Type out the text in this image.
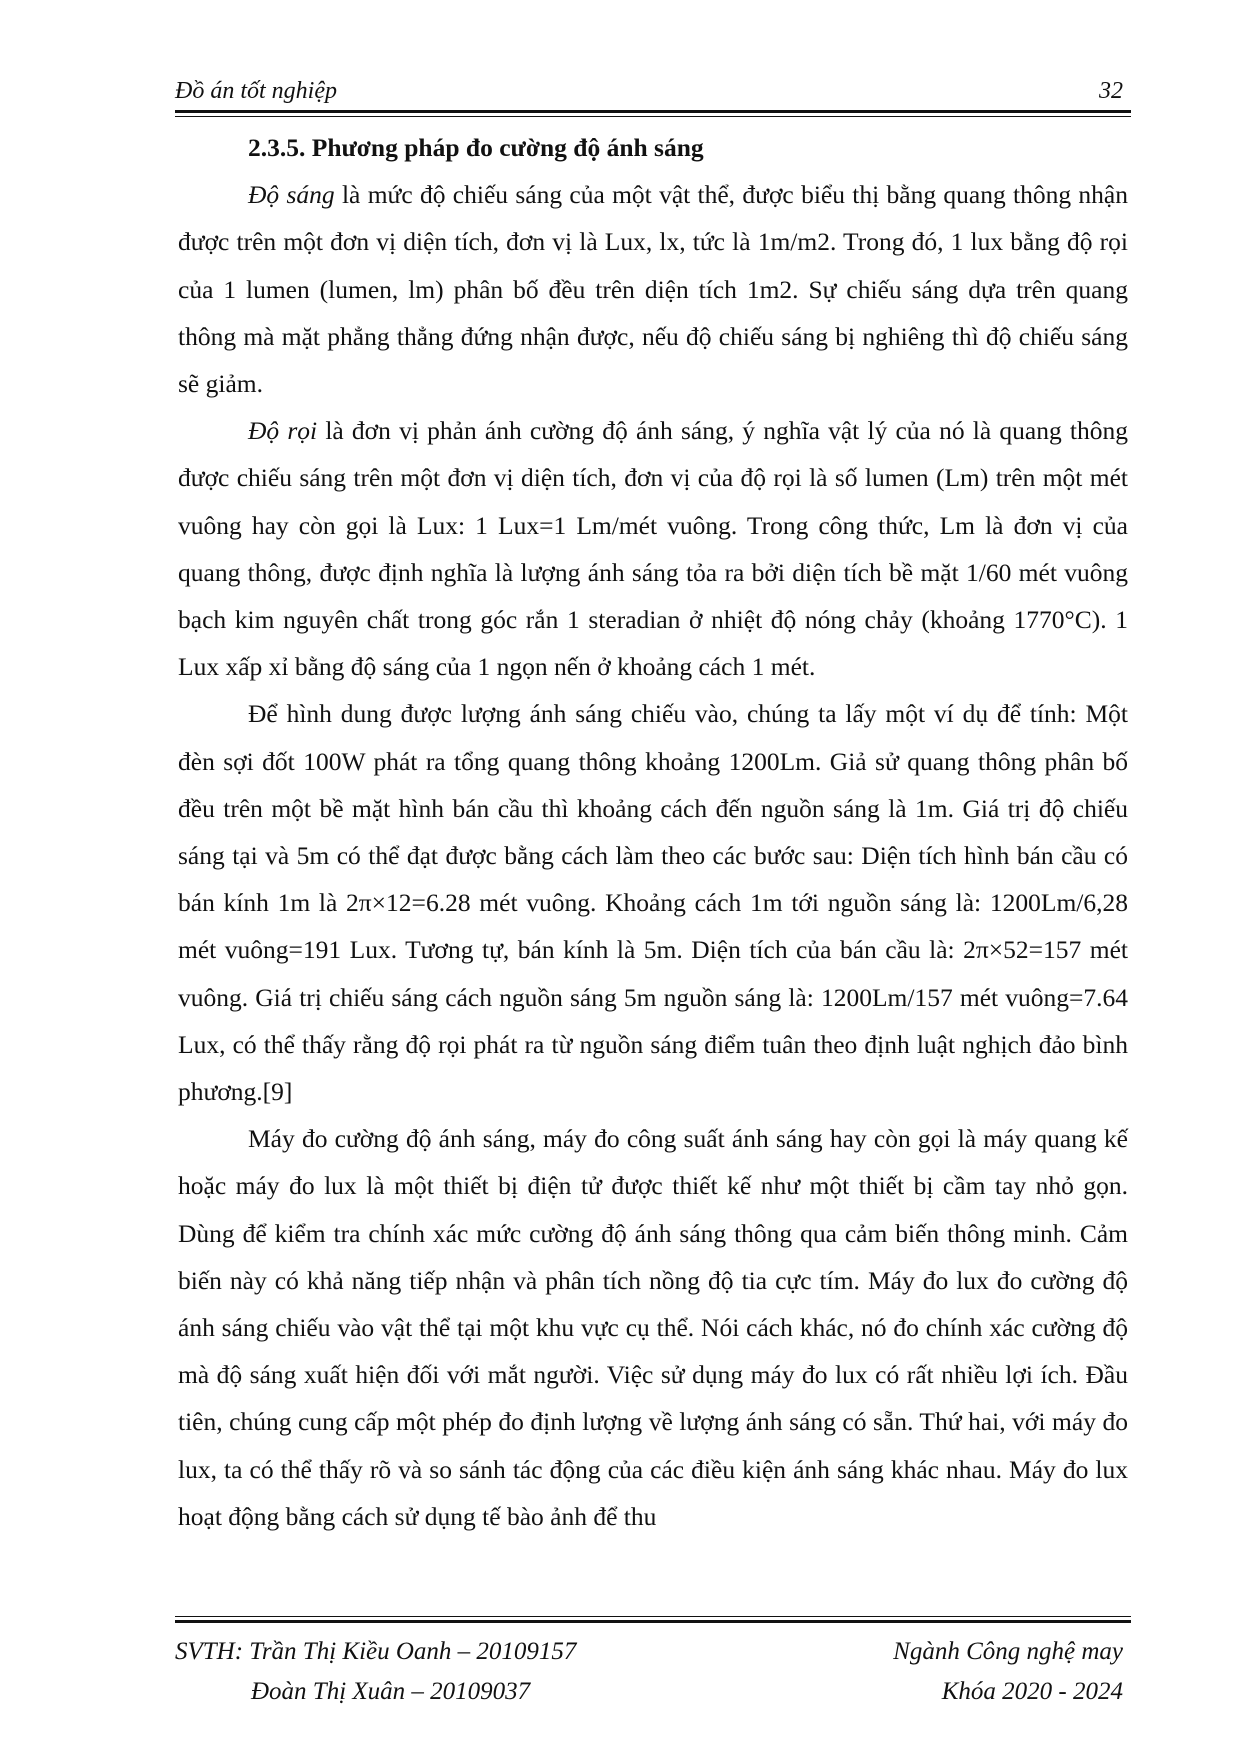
Đồ án tốt nghiệp	32
2.3.5. Phương pháp đo cường độ ánh sáng

Độ sáng là mức độ chiếu sáng của một vật thể, được biểu thị bằng quang thông nhận được trên một đơn vị diện tích, đơn vị là Lux, lx, tức là 1m/m2. Trong đó, 1 lux bằng độ rọi của 1 lumen (lumen, lm) phân bố đều trên diện tích 1m2. Sự chiếu sáng dựa trên quang thông mà mặt phẳng thẳng đứng nhận được, nếu độ chiếu sáng bị nghiêng thì độ chiếu sáng sẽ giảm.

Độ rọi là đơn vị phản ánh cường độ ánh sáng, ý nghĩa vật lý của nó là quang thông được chiếu sáng trên một đơn vị diện tích, đơn vị của độ rọi là số lumen (Lm) trên một mét vuông hay còn gọi là Lux: 1 Lux=1 Lm/mét vuông. Trong công thức, Lm là đơn vị của quang thông, được định nghĩa là lượng ánh sáng tỏa ra bởi diện tích bề mặt 1/60 mét vuông bạch kim nguyên chất trong góc rắn 1 steradian ở nhiệt độ nóng chảy (khoảng 1770°C). 1 Lux xấp xỉ bằng độ sáng của 1 ngọn nến ở khoảng cách 1 mét.

Để hình dung được lượng ánh sáng chiếu vào, chúng ta lấy một ví dụ để tính: Một đèn sợi đốt 100W phát ra tổng quang thông khoảng 1200Lm. Giả sử quang thông phân bố đều trên một bề mặt hình bán cầu thì khoảng cách đến nguồn sáng là 1m. Giá trị độ chiếu sáng tại và 5m có thể đạt được bằng cách làm theo các bước sau: Diện tích hình bán cầu có bán kính 1m là 2π×12=6.28 mét vuông. Khoảng cách 1m tới nguồn sáng là: 1200Lm/6,28 mét vuông=191 Lux. Tương tự, bán kính là 5m. Diện tích của bán cầu là: 2π×52=157 mét vuông. Giá trị chiếu sáng cách nguồn sáng 5m nguồn sáng là: 1200Lm/157 mét vuông=7.64 Lux, có thể thấy rằng độ rọi phát ra từ nguồn sáng điểm tuân theo định luật nghịch đảo bình phương.[9]

Máy đo cường độ ánh sáng, máy đo công suất ánh sáng hay còn gọi là máy quang kế hoặc máy đo lux là một thiết bị điện tử được thiết kế như một thiết bị cầm tay nhỏ gọn. Dùng để kiểm tra chính xác mức cường độ ánh sáng thông qua cảm biến thông minh. Cảm biến này có khả năng tiếp nhận và phân tích nồng độ tia cực tím. Máy đo lux đo cường độ ánh sáng chiếu vào vật thể tại một khu vực cụ thể. Nói cách khác, nó đo chính xác cường độ mà độ sáng xuất hiện đối với mắt người. Việc sử dụng máy đo lux có rất nhiều lợi ích. Đầu tiên, chúng cung cấp một phép đo định lượng về lượng ánh sáng có sẵn. Thứ hai, với máy đo lux, ta có thể thấy rõ và so sánh tác động của các điều kiện ánh sáng khác nhau. Máy đo lux hoạt động bằng cách sử dụng tế bào ảnh để thu

SVTH: Trần Thị Kiều Oanh – 20109157
Đoàn Thị Xuân – 20109037
Ngành Công nghệ may
Khóa 2020 - 2024
